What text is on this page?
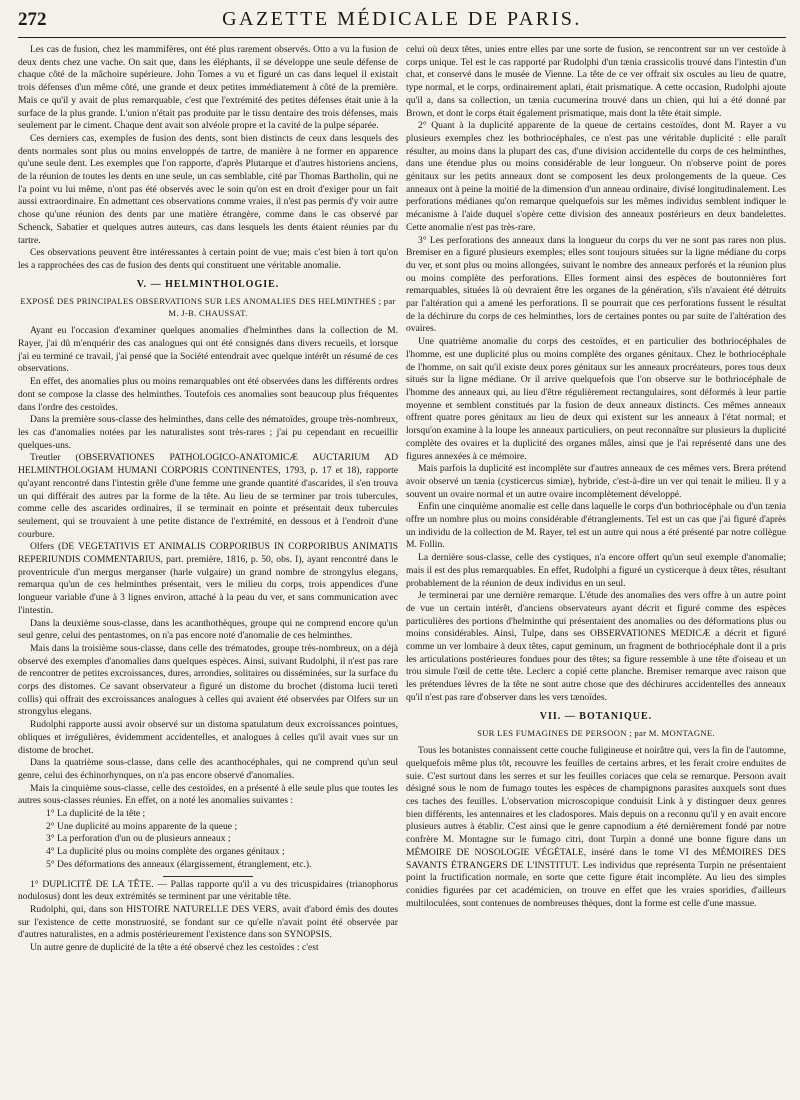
272	GAZETTE MÉDICALE DE PARIS.

Les cas de fusion, chez les mammifères, ont été plus rarement observés. Otto a vu la fusion de deux dents chez une vache. On sait que, dans les éléphants, il se développe une seule défense de chaque côté de la mâchoire supérieure. John Tomes a vu et figuré un cas dans lequel il existait trois défenses d'un même côté, une grande et deux petites immédiatement à côté de la première. Mais ce qu'il y avait de plus remarquable, c'est que l'extrémité des petites défenses était unie à la surface de la plus grande. L'union n'était pas produite par le tissu dentaire des trois défenses, mais seulement par le ciment. Chaque dent avait son alvéole propre et la cavité de la pulpe séparée.

Ces derniers cas, exemples de fusion des dents, sont bien distincts de ceux dans lesquels des dents normales sont plus ou moins enveloppés de tartre, de manière à ne former en apparence qu'une seule dent. Les exemples que l'on rapporte, d'après Plutarque et d'autres historiens anciens, de la réunion de toutes les dents en une seule, un cas semblable, cité par Thomas Bartholin, qui ne l'a point vu lui même, n'ont pas été observés avec le soin qu'on est en droit d'exiger pour un fait aussi extraordinaire. En admettant ces observations comme vraies, il n'est pas permis d'y voir autre chose qu'une réunion des dents par une matière étrangère, comme dans le cas observé par Schenck, Sabatier et quelques autres auteurs, cas dans lesquels les dents étaient réunies par du tartre.

Ces observations peuvent être intéressantes à certain point de vue; mais c'est bien à tort qu'on les a rapprochées des cas de fusion des dents qui constituent une véritable anomalie.

V. — HELMINTHOLOGIE.
EXPOSÉ DES PRINCIPALES OBSERVATIONS SUR LES ANOMALIES DES HELMINTHES ; par M. J-B. CHAUSSAT.

Ayant eu l'occasion d'examiner quelques anomalies d'helminthes dans la collection de M. Rayer, j'ai dû m'enquérir des cas analogues qui ont été consignés dans divers recueils, et lorsque j'ai eu terminé ce travail, j'ai pensé que la Société entendrait avec quelque intérêt un résumé de ces observations.

En effet, des anomalies plus ou moins remarquables ont été observées dans les différents ordres dont se compose la classe des helminthes. Toutefois ces anomalies sont beaucoup plus fréquentes dans l'ordre des cestoïdes.

Dans la première sous-classe des helminthes, dans celle des nématoïdes, groupe très-nombreux, les cas d'anomalies notées par les naturalistes sont très-rares ; j'ai pu cependant en recueillir quelques-uns.

Treutler (OBSERVATIONES PATHOLOGICO-ANATOMICÆ AUCTARIUM AD HELMINTHOLOGIAM HUMANI CORPORIS CONTINENTES, 1793, p. 17 et 18), rapporte qu'ayant rencontré dans l'intestin grêle d'une femme une grande quantité d'ascarides, il s'en trouva un qui différait des autres par la forme de la tête. Au lieu de se terminer par trois tubercules, comme celle des ascarides ordinaires, il se terminait en pointe et présentait deux tubercules seulement, qui se trouvaient à une petite distance de l'extrémité, en dessous et à l'endroit d'une courbure.

Olfers (DE VEGETATIVIS ET ANIMALIS CORPORIBUS IN CORPORIBUS ANIMATIS REPERIUNDIS COMMENTARIUS, part. première, 1816, p. 50, obs. I), ayant rencontré dans le proventricule d'un mergus merganser (harle vulgaire) un grand nombre de strongylus elegans, remarqua qu'un de ces helminthes présentait, vers le milieu du corps, trois appendices d'une longueur variable d'une à 3 lignes environ, attaché à la peau du ver, et sans communication avec l'intestin.

Dans la deuxième sous-classe, dans les acanthothèques, groupe qui ne comprend encore qu'un seul genre, celui des pentastomes, on n'a pas encore noté d'anomalie de ces helminthes.

Mais dans la troisième sous-classe, dans celle des trématodes, groupe très-nombreux, on a déjà observé des exemples d'anomalies dans quelques espèces. Ainsi, suivant Rudolphi, il n'est pas rare de rencontrer de petites excroissances, dures, arrondies, solitaires ou disséminées, sur la surface du corps des distomes. Ce savant observateur a figuré un distome du brochet (distoma lucii teretì collis) qui offrait des excroissances analogues à celles qui avaient été observées par Olfers sur un strongylus elegans.

Rudolphi rapporte aussi avoir observé sur un distoma spatulatum deux excroissances pointues, obliques et irrégulières, évidemment accidentelles, et analogues à celles qu'il avait vues sur un distome de brochet.

Dans la quatrième sous-classe, dans celle des acanthocéphales, qui ne comprend qu'un seul genre, celui des échinorhynques, on n'a pas encore observé d'anomalies.

Mais la cinquième sous-classe, celle des cestoïdes, en a présenté à elle seule plus que toutes les autres sous-classes réunies. En effet, on a noté les anomalies suivantes :

1° La duplicité de la tête ;

2° Une duplicité au moins apparente de la queue ;

3° La perforation d'un ou de plusieurs anneaux ;

4° La duplicité plus ou moins complète des organes génitaux ;

5° Des déformations des anneaux (élargissement, étranglement, etc.).

1° DUPLICITÉ DE LA TÊTE. — Pallas rapporte qu'il a vu des tricuspidaires (trianophorus nodulosus) dont les deux extrémités se terminent par une véritable tête.

Rudolphi, qui, dans son HISTOIRE NATURELLE DES VERS, avait d'abord émis des doutes sur l'existence de cette monstruosité, se fondant sur ce qu'elle n'avait point été observée par d'autres naturalistes, en a admis postérieurement l'existence dans son SYNOPSIS.

Un autre genre de duplicité de la tête a été observé chez les cestoïdes : c'est

celui où deux têtes, unies entre elles par une sorte de fusion, se rencontrent sur un ver cestoïde à corps unique. Tel est le cas rapporté par Rudolphi d'un tænia crassicolis trouvé dans l'intestin d'un chat, et conservé dans le musée de Vienne. La tête de ce ver offrait six oscules au lieu de quatre, type normal, et le corps, ordinairement aplati, était prismatique. A cette occasion, Rudolphi ajoute qu'il a, dans sa collection, un tænia cucumerina trouvé dans un chien, qui lui a été donné par Brown, et dont le corps était également prismatique, mais dont la tête était simple.

2° Quant à la duplicité apparente de la queue de certains cestoïdes, dont M. Rayer a vu plusieurs exemples chez les bothriocéphales, ce n'est pas une véritable duplicité : elle paraît résulter, au moins dans la plupart des cas, d'une division accidentelle du corps de ces helminthes, dans une étendue plus ou moins considérable de leur longueur. On n'observe point de pores génitaux sur les petits anneaux dont se composent les deux prolongements de la queue. Ces anneaux ont à peine la moitié de la dimension d'un anneau ordinaire, divisé longitudinalement. Les perforations médianes qu'on remarque quelquefois sur les mêmes individus semblent indiquer le mécanisme à l'aide duquel s'opère cette division des anneaux postérieurs en deux bandelettes. Cette anomalie n'est pas très-rare.

3° Les perforations des anneaux dans la longueur du corps du ver ne sont pas rares non plus. Bremiser en a figuré plusieurs exemples; elles sont toujours situées sur la ligne médiane du corps du ver, et sont plus ou moins allongées, suivant le nombre des anneaux perforés et la réunion plus ou moins complète des perforations. Elles forment ainsi des espèces de boutonnières fort remarquables, situées là où devraient être les organes de la génération, s'ils n'avaient été détruits par l'altération qui a amené les perforations. Il se pourrait que ces perforations fussent le résultat de la déchirure du corps de ces helminthes, lors de certaines pontes ou par suite de l'altération des ovaires.

Une quatrième anomalie du corps des cestoïdes, et en particulier des bothriocéphales de l'homme, est une duplicité plus ou moins complète des organes génitaux. Chez le bothriocéphale de l'homme, on sait qu'il existe deux pores génitaux sur les anneaux procréateurs, pores tous deux situés sur la ligne médiane. Or il arrive quelquefois que l'on observe sur le bothriocéphale de l'homme des anneaux qui, au lieu d'être régulièrement rectangulaires, sont déformés à leur partie moyenne et semblent constitués par la fusion de deux anneaux distincts. Ces mêmes anneaux offrent quatre pores génitaux au lieu de deux qui existent sur les anneaux à l'état normal; et lorsqu'on examine à la loupe les anneaux particuliers, on peut reconnaître sur plusieurs la duplicité complète des ovaires et la duplicité des organes mâles, ainsi que je l'ai représenté dans une des figures annexées à ce mémoire.

Mais parfois la duplicité est incomplète sur d'autres anneaux de ces mêmes vers. Brera prétend avoir observé un tænia (cysticercus simiæ), hybride, c'est-à-dire un ver qui tenait le milieu. Il y a souvent un ovaire normal et un autre ovaire incomplètement développé.

Enfin une cinquième anomalie est celle dans laquelle le corps d'un bothriocéphale ou d'un tænia offre un nombre plus ou moins considérable d'étranglements. Tel est un cas que j'ai figuré d'après un individu de la collection de M. Rayer, tel est un autre qui nous a été présenté par notre collègue M. Follin.

La dernière sous-classe, celle des cystiques, n'a encore offert qu'un seul exemple d'anomalie; mais il est des plus remarquables. En effet, Rudolphi a figuré un cysticerque à deux têtes, résultant probablement de la réunion de deux individus en un seul.

Je terminerai par une dernière remarque. L'étude des anomalies des vers offre à un autre point de vue un certain intérêt, d'anciens observateurs ayant décrit et figuré comme des espèces particulières des portions d'helminthe qui présentaient des anomalies ou des déformations plus ou moins considérables. Ainsi, Tulpe, dans ses OBSERVATIONES MEDICÆ a décrit et figuré comme un ver lombaire à deux têtes, caput geminum, un fragment de bothriocéphale dont il a pris les articulations postérieures fondues pour des têtes; sa figure ressemble à une tête d'oiseau et un trou simule l'œil de cette tête. Leclerc a copié cette planche. Bremiser remarque avec raison que les prétendues lèvres de la tête ne sont autre chose que des déchirures accidentelles des anneaux qu'il n'est pas rare d'observer dans les vers tænoïdes.

VII. — BOTANIQUE.
SUR LES FUMAGINES DE PERSOON ; par M. MONTAGNE.

Tous les botanistes connaissent cette couche fuligineuse et noirâtre qui, vers la fin de l'automne, quelquefois même plus tôt, recouvre les feuilles de certains arbres, et les ferait croire enduites de suie. C'est surtout dans les serres et sur les feuilles coriaces que cela se remarque. Persoon avait désigné sous le nom de fumago toutes les espèces de champignons parasites auxquels sont dues ces taches des feuilles. L'observation microscopique conduisit Link à y distinguer deux genres bien différents, les antennaires et les cladospores. Mais depuis on a reconnu qu'il y en avait encore plusieurs autres à établir. C'est ainsi que le genre capnodium a été dernièrement fondé par notre confrère M. Montagne sur le fumago citri, dont Turpin a donné une bonne figure dans un MÉMOIRE DE NOSOLOGIE VÉGÉTALE, inséré dans le tome VI des MÉMOIRES DES SAVANTS ÉTRANGERS DE L'INSTITUT. Les individus que représenta Turpin ne présentaient point la fructification normale, en sorte que cette figure était incomplète. Au lieu des simples conidies figurées par cet académicien, on trouve en effet que les vraies sporidies, d'ailleurs multiloculées, sont contenues de nombreuses thèques, dont la forme est celle d'une massue.
